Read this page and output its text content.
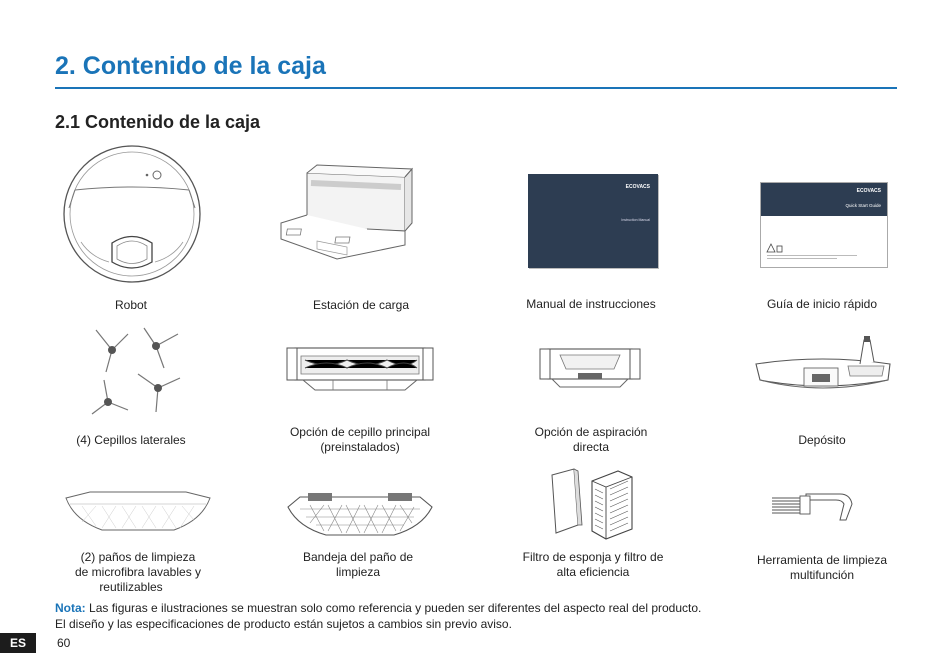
2. Contenido de la caja
2.1 Contenido de la caja
Robot	Estación de carga
ECOVACS
Instruction Manual
Manual de instrucciones
ECOVACS
Quick Start Guide
Guía de inicio rápido
(4) Cepillos laterales
Opción de cepillo principal
(preinstalados)
Opción de aspiración
directa	Depósito
(2) paños de limpieza
de microfibra lavables y
reutilizables
Bandeja del paño de
limpieza
Filtro de esponja y filtro de
alta eficiencia
Herramienta de limpieza
multifunción
Nota: Las figuras e ilustraciones se muestran solo como referencia y pueden ser diferentes del aspecto real del producto.
El diseño y las especificaciones de producto están sujetos a cambios sin previo aviso.
ES	60
